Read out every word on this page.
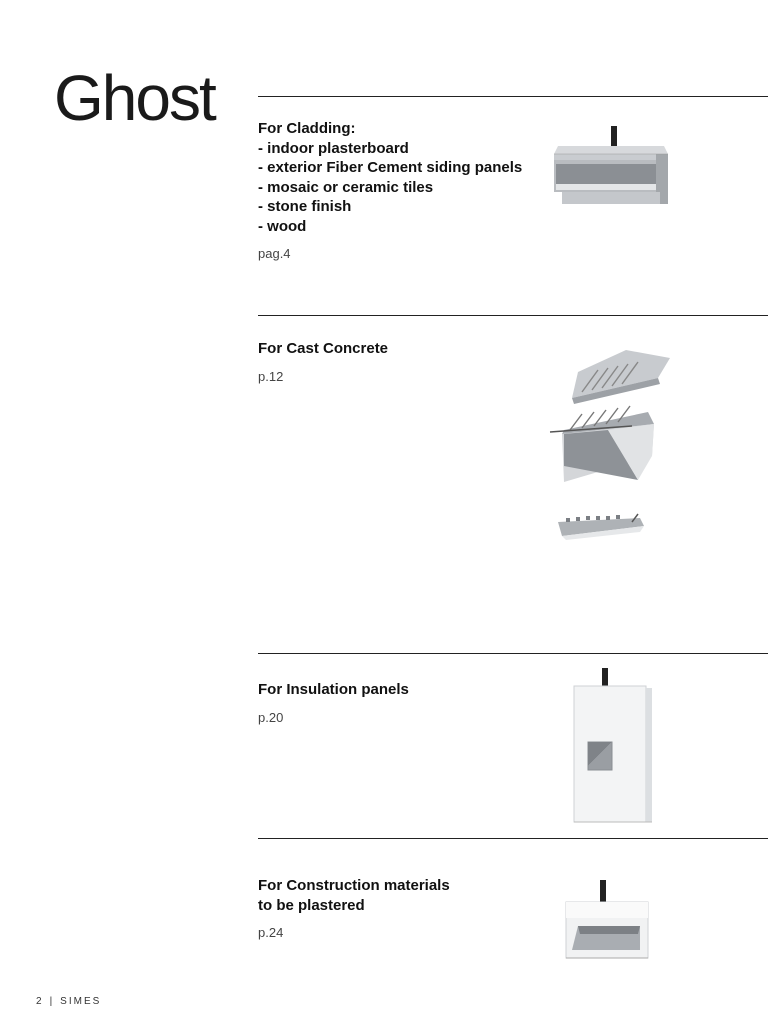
Ghost	For Cladding:
- indoor plasterboard
- exterior Fiber Cement siding panels
- mosaic or ceramic tiles
- stone finish
- wood
pag.4
For Cast Concrete
p.12
For Insulation panels
p.20
For Construction materials
to be plastered
p.24
2 | SIMES
